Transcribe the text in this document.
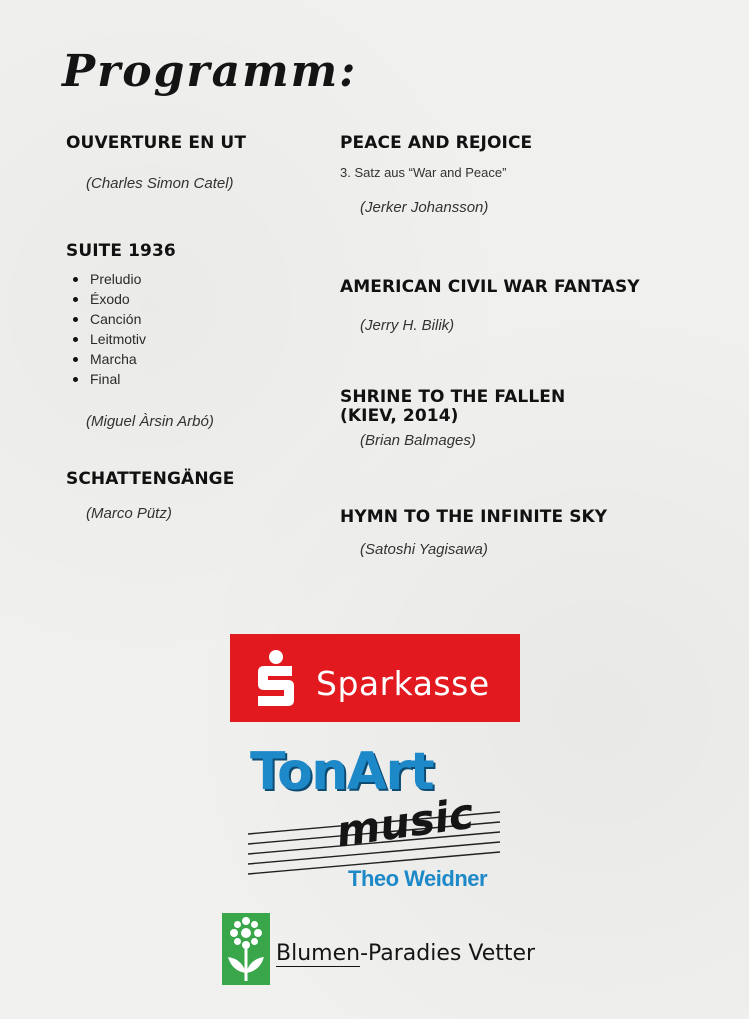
Programm:
OUVERTURE EN UT
(Charles Simon Catel)
SUITE 1936
Preludio
Éxodo
Canción
Leitmotiv
Marcha
Final
(Miguel Àrsin Arbó)
SCHATTENGÄNGE
(Marco Pütz)
PEACE AND REJOICE
3. Satz aus “War and Peace”
(Jerker Johansson)
AMERICAN CIVIL WAR FANTASY
(Jerry H. Bilik)
SHRINE TO THE FALLEN
(KIEV, 2014)
(Brian Balmages)
HYMN TO THE INFINITE SKY
(Satoshi Yagisawa)
Sparkasse
TonArt
music
Theo Weidner
Blumen-Paradies Vetter
